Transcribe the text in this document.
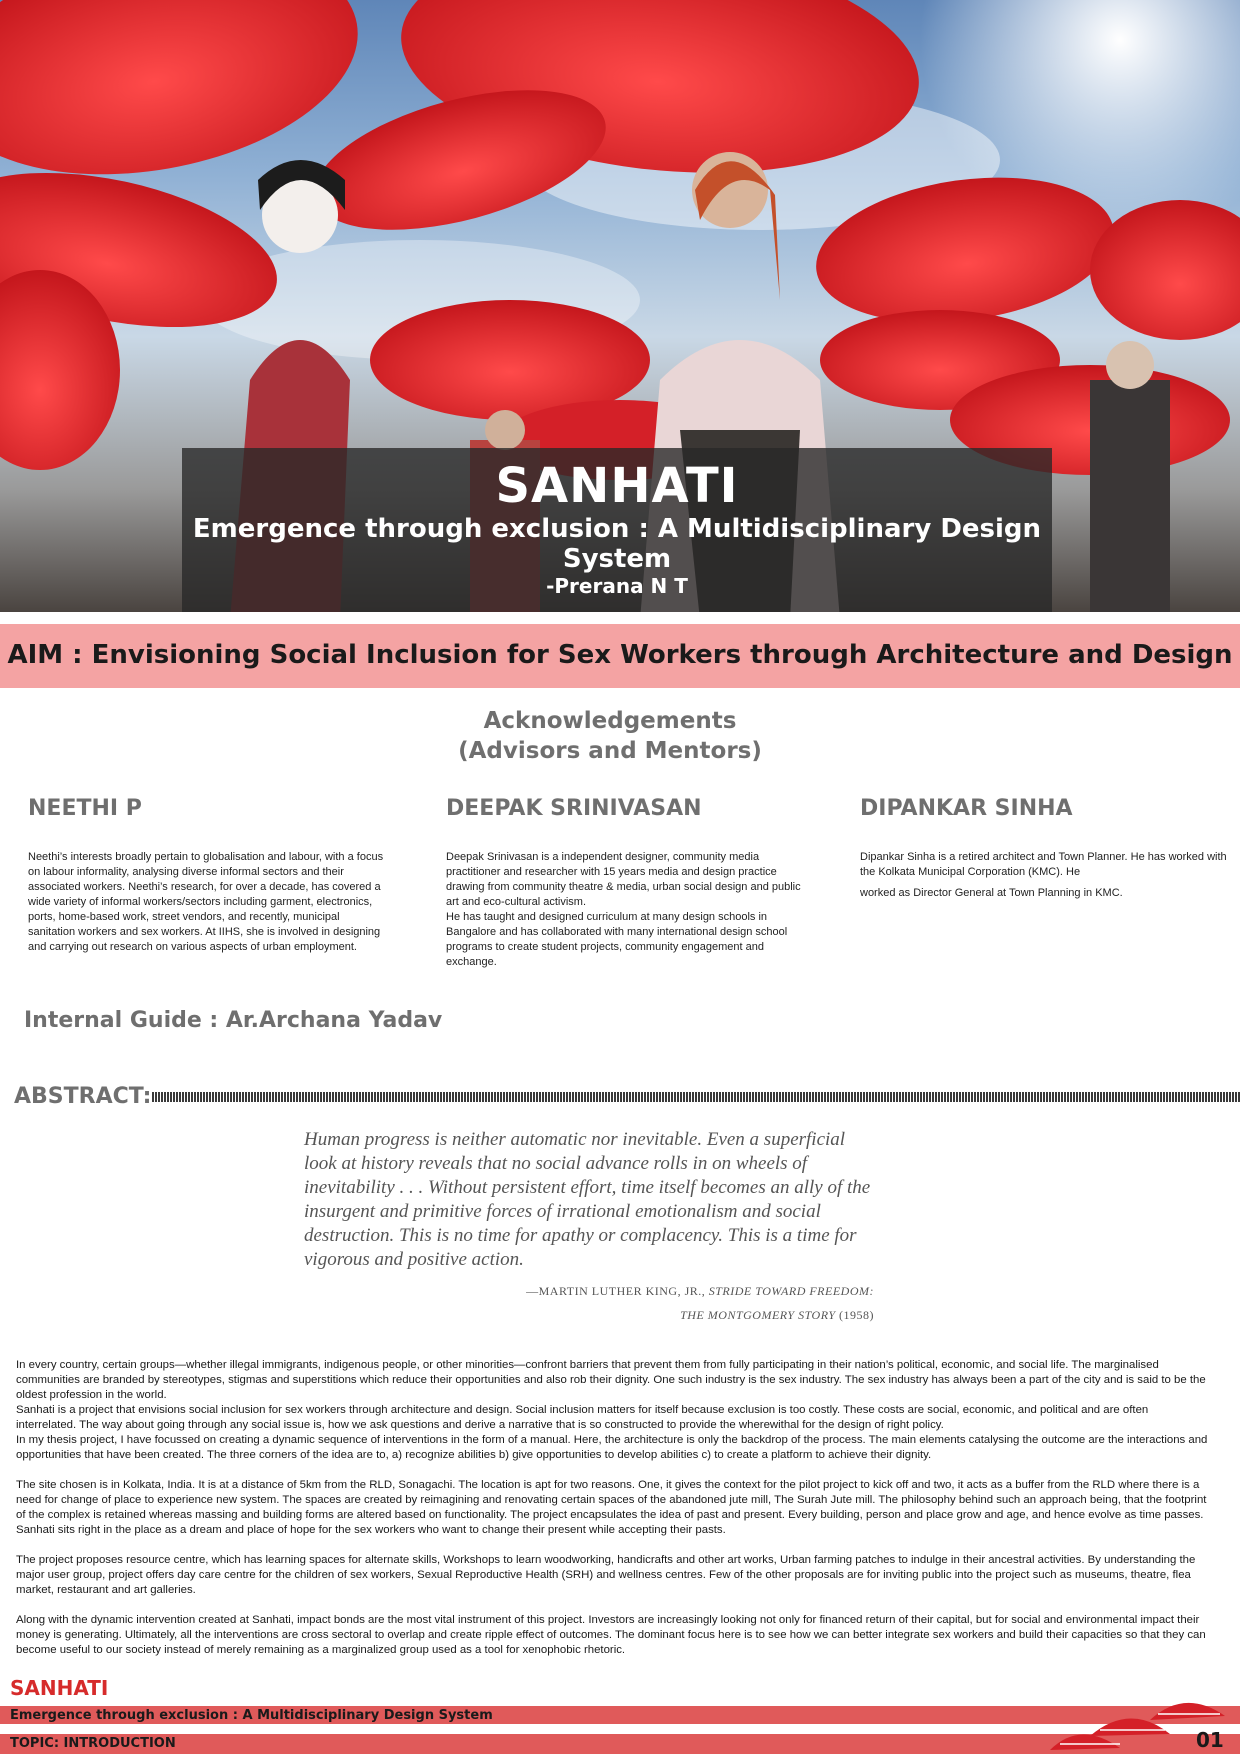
SANHATI
Emergence through exclusion : A Multidisciplinary Design System
-Prerana N T
AIM : Envisioning Social Inclusion for Sex Workers through Architecture and Design
Acknowledgements
(Advisors and Mentors)
NEETHI P
Neethi’s interests broadly pertain to globalisation and labour, with a focus on labour informality, analysing diverse informal sectors and their associated workers. Neethi’s research, for over a decade, has covered a wide variety of informal workers/sectors including garment, electronics, ports, home-based work, street vendors, and recently, municipal sanitation workers and sex workers. At IIHS, she is involved in designing and carrying out research on various aspects of urban employment.
DEEPAK SRINIVASAN
Deepak Srinivasan is a independent designer, community media practitioner and researcher with 15 years media and design practice drawing from community theatre & media, urban social design and public art and eco-cultural activism.
He has taught and designed curriculum at many design schools in Bangalore and has collaborated with many international design school programs to create student projects, community engagement and exchange.
DIPANKAR SINHA
Dipankar Sinha is a retired architect and Town Planner. He has worked with the Kolkata Municipal Corporation (KMC). He
worked as Director General at Town Planning in KMC.
Internal Guide : Ar.Archana Yadav
ABSTRACT:
Human progress is neither automatic nor inevitable. Even a superficial look at history reveals that no social advance rolls in on wheels of inevitability . . . Without persistent effort, time itself becomes an ally of the insurgent and primitive forces of irrational emotionalism and social destruction. This is no time for apathy or complacency. This is a time for vigorous and positive action.
—MARTIN LUTHER KING, JR., STRIDE TOWARD FREEDOM:
THE MONTGOMERY STORY (1958)

In every country, certain groups—whether illegal immigrants, indigenous people, or other minorities—confront barriers that prevent them from fully participating in their nation’s political, economic, and social life. The marginalised communities are branded by stereotypes, stigmas and superstitions which reduce their opportunities and also rob their dignity. One such industry is the sex industry. The sex industry has always been a part of the city and is said to be the oldest profession in the world.
Sanhati is a project that envisions social inclusion for sex workers through architecture and design. Social inclusion matters for itself because exclusion is too costly. These costs are social, economic, and political and are often interrelated. The way about going through any social issue is, how we ask questions and derive a narrative that is so constructed to provide the wherewithal for the design of right policy.
In my thesis project, I have focussed on creating a dynamic sequence of interventions in the form of a manual. Here, the architecture is only the backdrop of the process. The main elements catalysing the outcome are the interactions and opportunities that have been created. The three corners of the idea are to, a) recognize abilities b) give opportunities to develop abilities c) to create a platform to achieve their dignity.

The site chosen is in Kolkata, India. It is at a distance of 5km from the RLD, Sonagachi. The location is apt for two reasons. One, it gives the context for the pilot project to kick off and two, it acts as a buffer from the RLD where there is a need for change of place to experience new system. The spaces are created by reimagining and renovating certain spaces of the abandoned jute mill, The Surah Jute mill. The philosophy behind such an approach being, that the footprint of the complex is retained whereas massing and building forms are altered based on functionality. The project encapsulates the idea of past and present. Every building, person and place grow and age, and hence evolve as time passes. Sanhati sits right in the place as a dream and place of hope for the sex workers who want to change their present while accepting their pasts.

The project proposes resource centre, which has learning spaces for alternate skills, Workshops to learn woodworking, handicrafts and other art works, Urban farming patches to indulge in their ancestral activities. By understanding the major user group, project offers day care centre for the children of sex workers, Sexual Reproductive Health (SRH) and wellness centres. Few of the other proposals are for inviting public into the project such as museums, theatre, flea market, restaurant and art galleries.

Along with the dynamic intervention created at Sanhati, impact bonds are the most vital instrument of this project. Investors are increasingly looking not only for financed return of their capital, but for social and environmental impact their money is generating. Ultimately, all the interventions are cross sectoral to overlap and create ripple effect of outcomes. The dominant focus here is to see how we can better integrate sex workers and build their capacities so that they can become useful to our society instead of merely remaining as a marginalized group used as a tool for xenophobic rhetoric.

SANHATI
Emergence through exclusion : A Multidisciplinary Design System
TOPIC: INTRODUCTION	01
